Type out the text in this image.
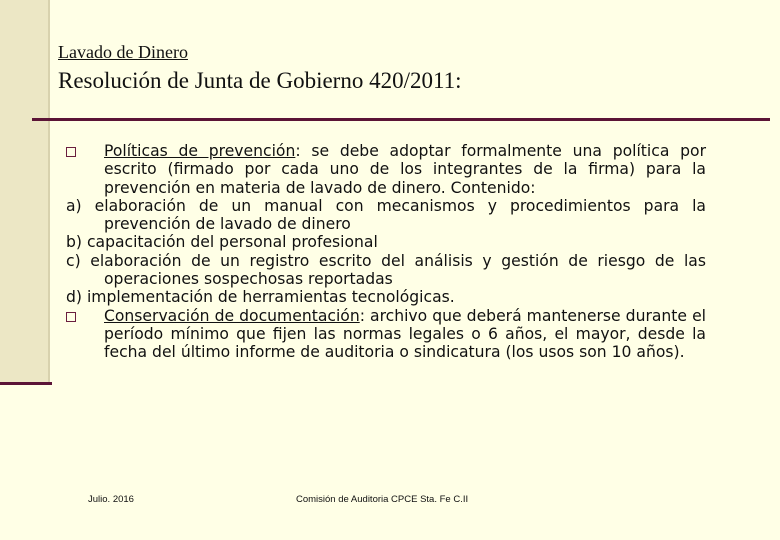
Lavado de Dinero
Resolución de Junta de Gobierno 420/2011:

Políticas de prevención: se debe adoptar formalmente una política por escrito (firmado por cada uno de los integrantes de la firma) para la prevención en materia de lavado de dinero. Contenido:

a) elaboración de un manual con mecanismos y procedimientos para la prevención de lavado de dinero

b) capacitación del personal profesional

c) elaboración de un registro escrito del análisis y gestión de riesgo de las operaciones sospechosas reportadas

d) implementación de herramientas tecnológicas.

Conservación de documentación: archivo que deberá mantenerse durante el período mínimo que fijen las normas legales o 6 años, el mayor, desde la fecha del último informe de auditoria o sindicatura (los usos son 10 años).

Julio. 2016	Comisión de Auditoria CPCE Sta. Fe C.II
